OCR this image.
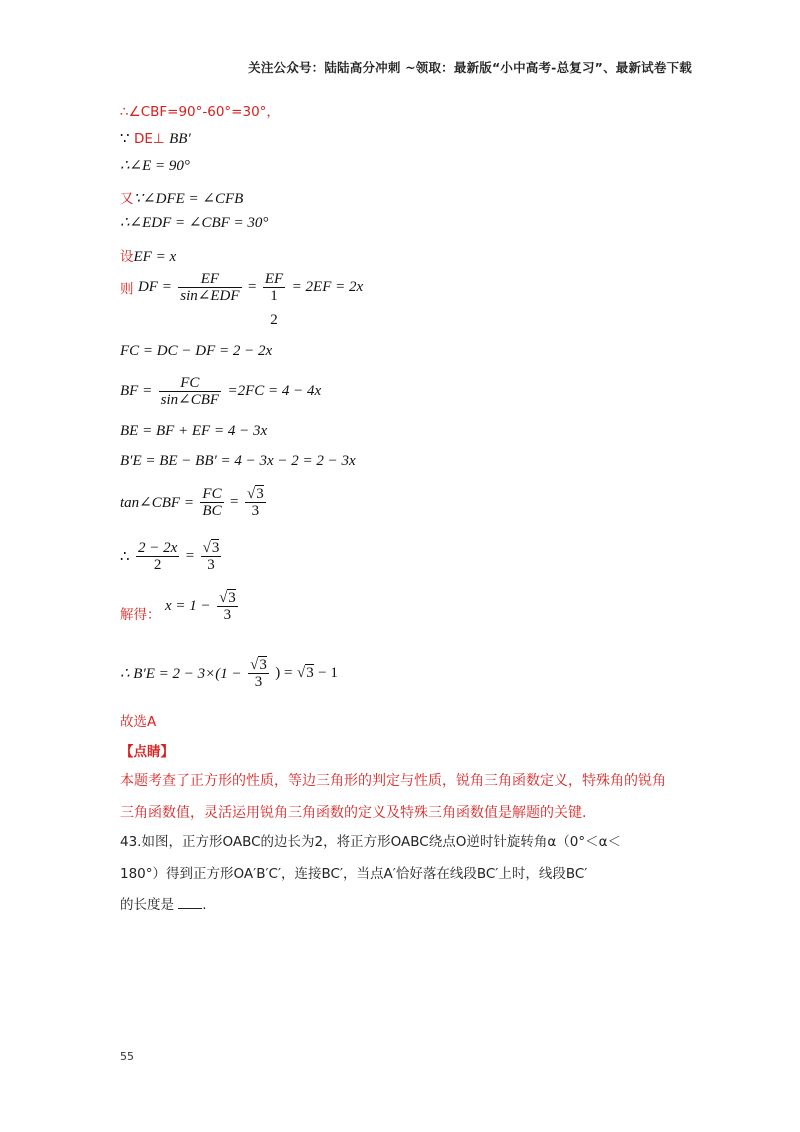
关注公众号：陆陆高分冲刺 ~领取：最新版“小中高考-总复习”、最新试卷下载
∴∠CBF=90°-60°=30°，
∵ DE⊥ BB′
∴∠E = 90°
又∵∠DFE = ∠CFB
∴∠EDF = ∠CBF = 30°
设EF = x
则 DF = $\frac{EF}{\text{sin∠EDF}}$ = EF
1
2
= 2EF = 2x
FC = DC − DF = 2 − 2x
BF = $\frac{FC}{\text{sin∠CBF}} =2FC = 4 - 4x$
BE = BF + EF = 4 − 3x
B′E = BE − BB′ = 4 − 3x − 2 = 2 − 3x
tan∠CBF = $\frac{FC}{BC} = \frac{√3}{3}$
∴ $\frac{2 - 2x}{2} = \frac{√3}{3}$
解得： $x = 1 - \frac{√3}{3}$
∴ $B'E = 2 - 3\times(1 - \frac{√3}{3}$ ) = √3 − 1
故选A
【点睛】
本题考查了正方形的性质，等边三角形的判定与性质，锐角三角函数定义，特殊角的锐角
三角函数值，灵活运用锐角三角函数的定义及特殊三角函数值是解题的关键.
43.如图，正方形OABC的边长为2，将正方形OABC绕点O逆时针旋转角α（0°＜α＜
180°）得到正方形OA′B′C′，连接BC′，当点A′恰好落在线段BC′上时，线段BC′
的长度是 .
55
